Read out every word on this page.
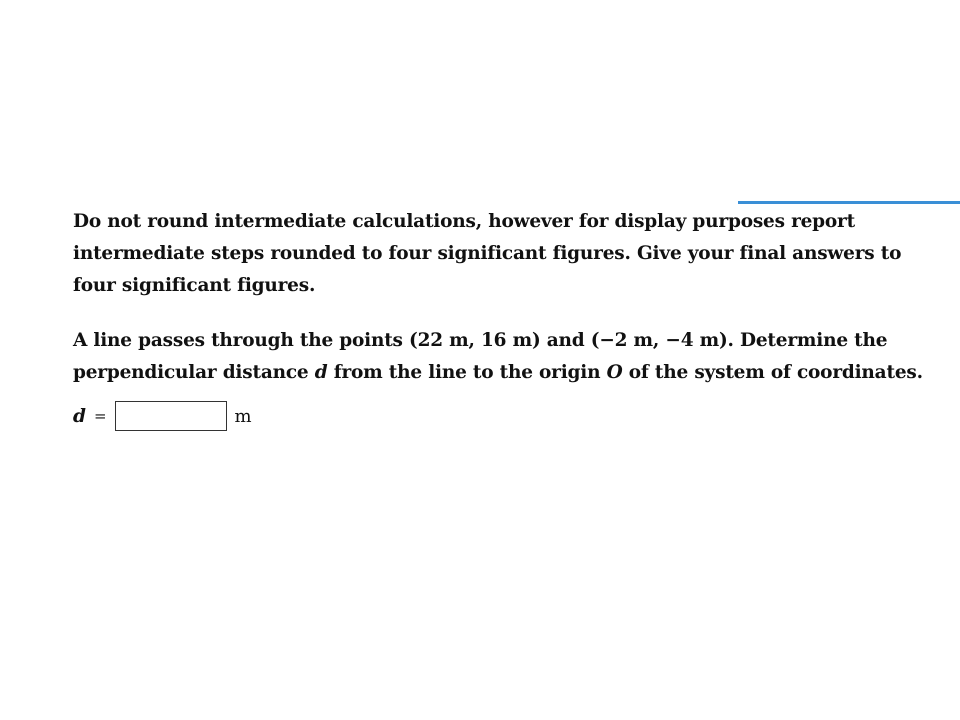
Do not round intermediate calculations, however for display purposes report intermediate steps rounded to four significant figures. Give your final answers to four significant figures.

A line passes through the points (22 m, 16 m) and (−2 m, −4 m). Determine the perpendicular distance d from the line to the origin O of the system of coordinates.

d =	m
